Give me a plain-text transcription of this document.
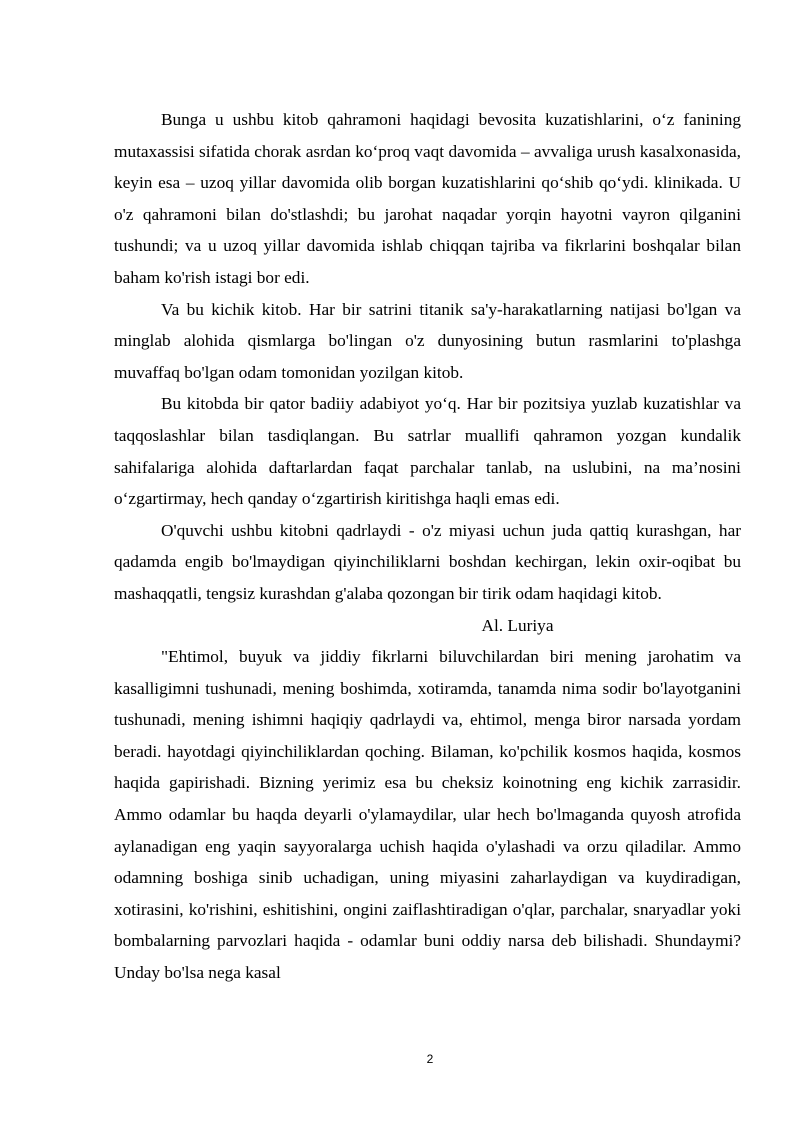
Bunga u ushbu kitob qahramoni haqidagi bevosita kuzatishlarini, o‘z fanining mutaxassisi sifatida chorak asrdan ko‘proq vaqt davomida – avvaliga urush kasalxonasida, keyin esa – uzoq yillar davomida olib borgan kuzatishlarini qo‘shib qo‘ydi. klinikada. U o'z qahramoni bilan do'stlashdi; bu jarohat naqadar yorqin hayotni vayron qilganini tushundi; va u uzoq yillar davomida ishlab chiqqan tajriba va fikrlarini boshqalar bilan baham ko'rish istagi bor edi.

Va bu kichik kitob. Har bir satrini titanik sa'y-harakatlarning natijasi bo'lgan va minglab alohida qismlarga bo'lingan o'z dunyosining butun rasmlarini to'plashga muvaffaq bo'lgan odam tomonidan yozilgan kitob.

Bu kitobda bir qator badiiy adabiyot yo‘q. Har bir pozitsiya yuzlab kuzatishlar va taqqoslashlar bilan tasdiqlangan. Bu satrlar muallifi qahramon yozgan kundalik sahifalariga alohida daftarlardan faqat parchalar tanlab, na uslubini, na ma’nosini o‘zgartirmay, hech qanday o‘zgartirish kiritishga haqli emas edi.

O'quvchi ushbu kitobni qadrlaydi - o'z miyasi uchun juda qattiq kurashgan, har qadamda engib bo'lmaydigan qiyinchiliklarni boshdan kechirgan, lekin oxir-oqibat bu mashaqqatli, tengsiz kurashdan g'alaba qozongan bir tirik odam haqidagi kitob.

Al. Luriya

"Ehtimol, buyuk va jiddiy fikrlarni biluvchilardan biri mening jarohatim va kasalligimni tushunadi, mening boshimda, xotiramda, tanamda nima sodir bo'layotganini tushunadi, mening ishimni haqiqiy qadrlaydi va, ehtimol, menga biror narsada yordam beradi. hayotdagi qiyinchiliklardan qoching. Bilaman, ko'pchilik kosmos haqida, kosmos haqida gapirishadi. Bizning yerimiz esa bu cheksiz koinotning eng kichik zarrasidir. Ammo odamlar bu haqda deyarli o'ylamaydilar, ular hech bo'lmaganda quyosh atrofida aylanadigan eng yaqin sayyoralarga uchish haqida o'ylashadi va orzu qiladilar. Ammo odamning boshiga sinib uchadigan, uning miyasini zaharlaydigan va kuydiradigan, xotirasini, ko'rishini, eshitishini, ongini zaiflashtiradigan o'qlar, parchalar, snaryadlar yoki bombalarning parvozlari haqida - odamlar buni oddiy narsa deb bilishadi. Shundaymi? Unday bo'lsa nega kasal

2
